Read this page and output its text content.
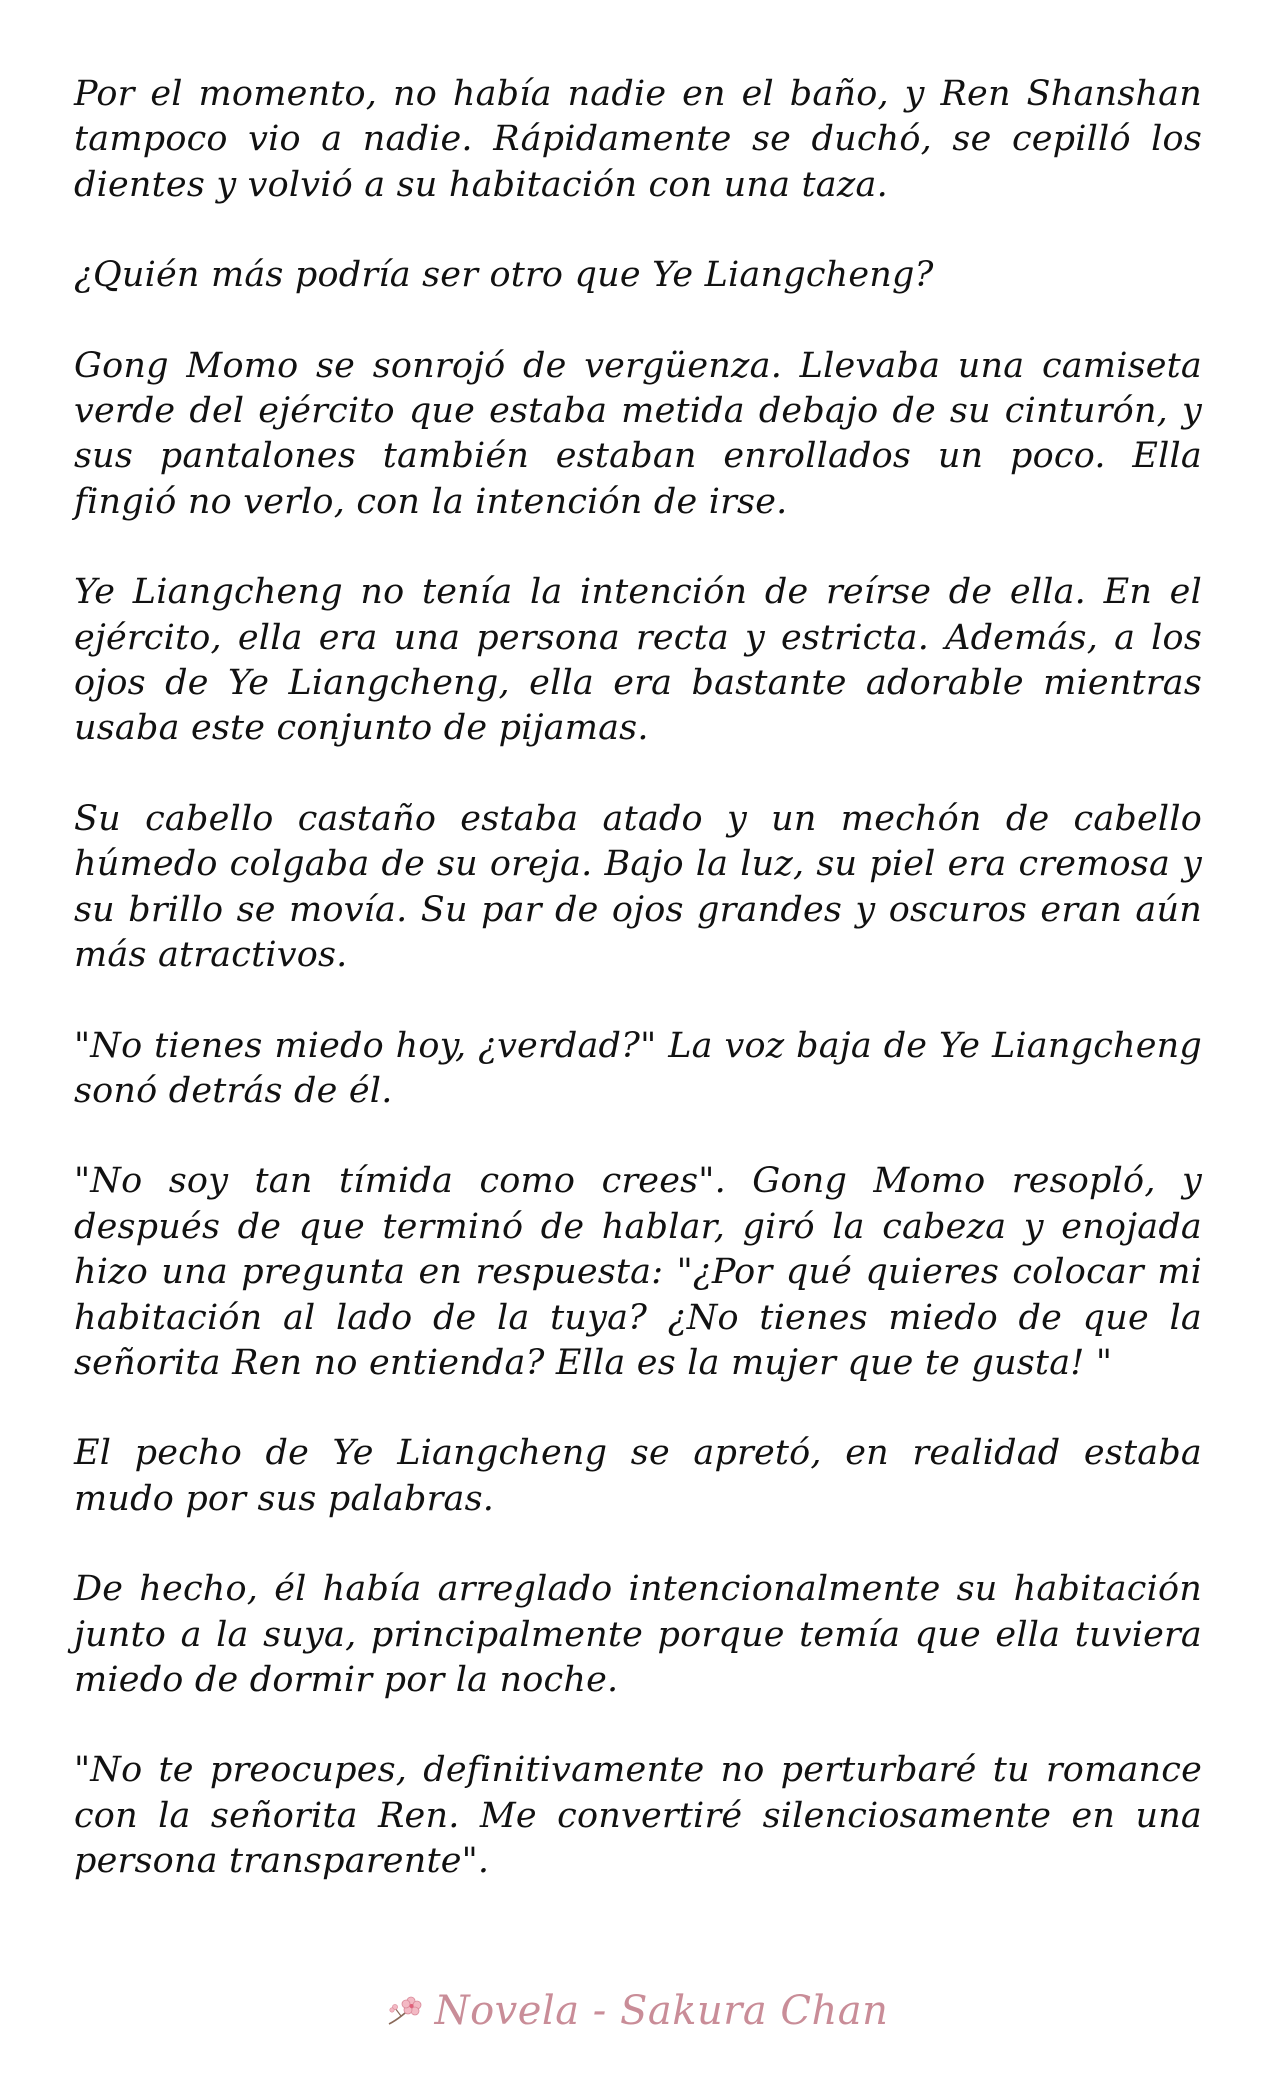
Por el momento, no había nadie en el baño, y Ren Shanshan tampoco vio a nadie. Rápidamente se duchó, se cepilló los dientes y volvió a su habitación con una taza.

¿Quién más podría ser otro que Ye Liangcheng?

Gong Momo se sonrojó de vergüenza. Llevaba una camiseta verde del ejército que estaba metida debajo de su cinturón, y sus pantalones también estaban enrollados un poco. Ella fingió no verlo, con la intención de irse.

Ye Liangcheng no tenía la intención de reírse de ella. En el ejército, ella era una persona recta y estricta. Además, a los ojos de Ye Liangcheng, ella era bastante adorable mientras usaba este conjunto de pijamas.

Su cabello castaño estaba atado y un mechón de cabello húmedo colgaba de su oreja. Bajo la luz, su piel era cremosa y su brillo se movía. Su par de ojos grandes y oscuros eran aún más atractivos.

"No tienes miedo hoy, ¿verdad?" La voz baja de Ye Liangcheng sonó detrás de él.

"No soy tan tímida como crees". Gong Momo resopló, y después de que terminó de hablar, giró la cabeza y enojada hizo una pregunta en respuesta: "¿Por qué quieres colocar mi habitación al lado de la tuya? ¿No tienes miedo de que la señorita Ren no entienda? Ella es la mujer que te gusta! "

El pecho de Ye Liangcheng se apretó, en realidad estaba mudo por sus palabras.

De hecho, él había arreglado intencionalmente su habitación junto a la suya, principalmente porque temía que ella tuviera miedo de dormir por la noche.

"No te preocupes, definitivamente no perturbaré tu romance con la señorita Ren. Me convertiré silenciosamente en una persona transparente".

Novela - Sakura Chan
